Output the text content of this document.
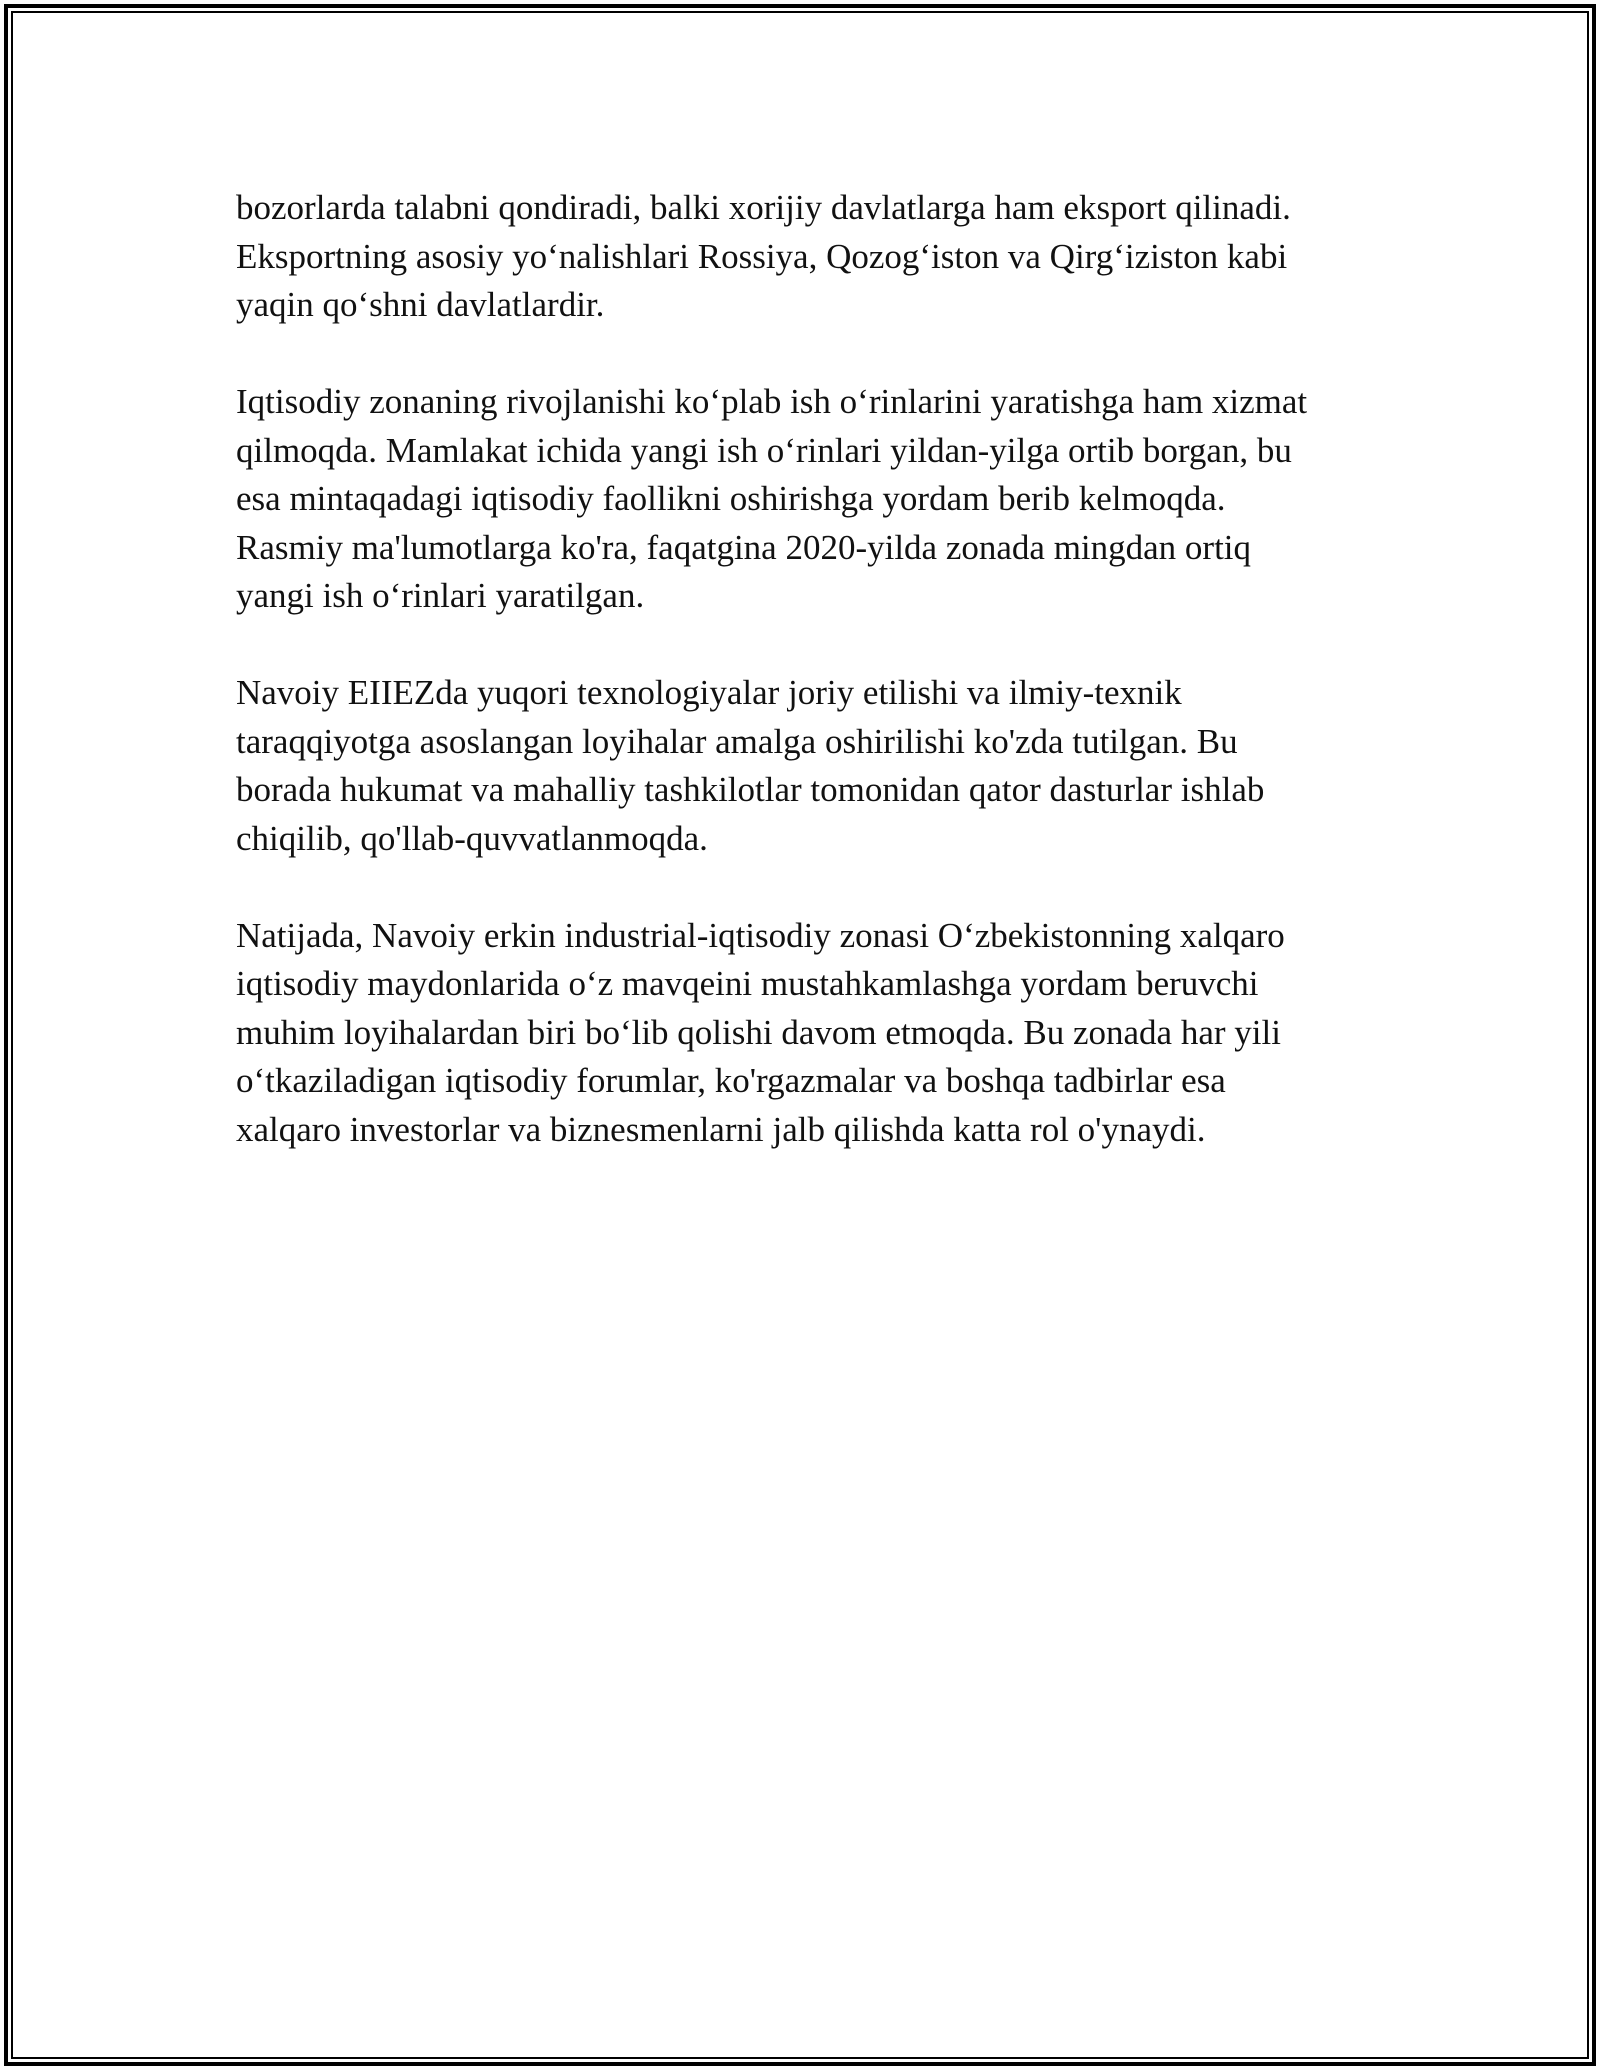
bozorlarda talabni qondiradi, balki xorijiy davlatlarga ham eksport qilinadi.
Eksportning asosiy yo‘nalishlari Rossiya, Qozog‘iston va Qirg‘iziston kabi
yaqin qo‘shni davlatlardir.

Iqtisodiy zonaning rivojlanishi ko‘plab ish o‘rinlarini yaratishga ham xizmat
qilmoqda. Mamlakat ichida yangi ish o‘rinlari yildan-yilga ortib borgan, bu
esa mintaqadagi iqtisodiy faollikni oshirishga yordam berib kelmoqda.
Rasmiy ma'lumotlarga ko'ra, faqatgina 2020-yilda zonada mingdan ortiq
yangi ish o‘rinlari yaratilgan.

Navoiy EIIEZda yuqori texnologiyalar joriy etilishi va ilmiy-texnik
taraqqiyotga asoslangan loyihalar amalga oshirilishi ko'zda tutilgan. Bu
borada hukumat va mahalliy tashkilotlar tomonidan qator dasturlar ishlab
chiqilib, qo'llab-quvvatlanmoqda.

Natijada, Navoiy erkin industrial-iqtisodiy zonasi O‘zbekistonning xalqaro
iqtisodiy maydonlarida o‘z mavqeini mustahkamlashga yordam beruvchi
muhim loyihalardan biri bo‘lib qolishi davom etmoqda. Bu zonada har yili
o‘tkaziladigan iqtisodiy forumlar, ko'rgazmalar va boshqa tadbirlar esa
xalqaro investorlar va biznesmenlarni jalb qilishda katta rol o'ynaydi.
